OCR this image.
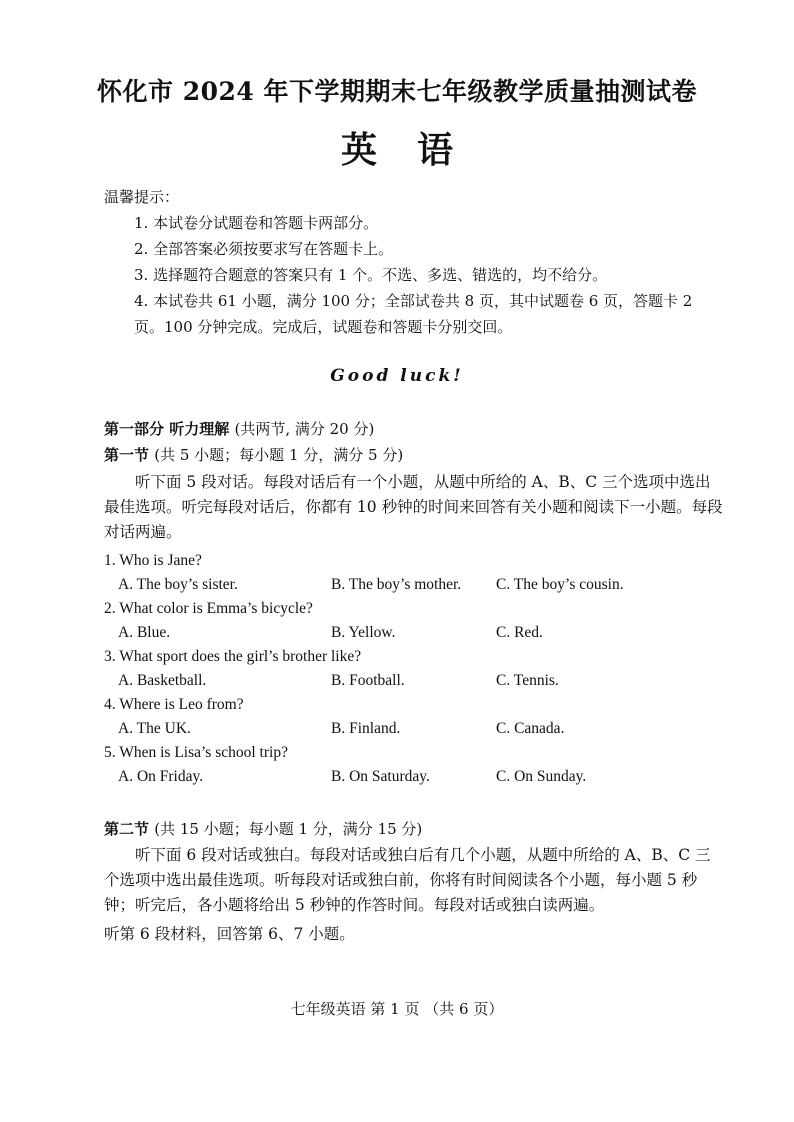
怀化市 2024 年下学期期末七年级教学质量抽测试卷
英语
温馨提示：
1. 本试卷分试题卷和答题卡两部分。
2. 全部答案必须按要求写在答题卡上。
3. 选择题符合题意的答案只有 1 个。不选、多选、错选的，均不给分。
4. 本试卷共 61 小题，满分 100 分；全部试卷共 8 页，其中试题卷 6 页，答题卡 2 页。100 分钟完成。完成后，试题卷和答题卡分别交回。
Good luck!
第一部分 听力理解 (共两节, 满分 20 分)
第一节 (共 5 小题；每小题 1 分，满分 5 分)
听下面 5 段对话。每段对话后有一个小题，从题中所给的 A、B、C 三个选项中选出最佳选项。听完每段对话后，你都有 10 秒钟的时间来回答有关小题和阅读下一小题。每段对话两遍。
1. Who is Jane?
A. The boy’s sister.	B. The boy’s mother. C. The boy’s cousin.
2. What color is Emma’s bicycle?
A. Blue.	B. Yellow.	C. Red.
3. What sport does the girl’s brother like?
A. Basketball.	B. Football.	C. Tennis.
4. Where is Leo from?
A. The UK.	B. Finland.	C. Canada.
5. When is Lisa’s school trip?
A. On Friday.	B. On Saturday.	C. On Sunday.
第二节 (共 15 小题；每小题 1 分，满分 15 分)
听下面 6 段对话或独白。每段对话或独白后有几个小题，从题中所给的 A、B、C 三个选项中选出最佳选项。听每段对话或独白前，你将有时间阅读各个小题，每小题 5 秒钟；听完后，各小题将给出 5 秒钟的作答时间。每段对话或独白读两遍。
听第 6 段材料，回答第 6、7 小题。
七年级英语 第 1 页 （共 6 页）
